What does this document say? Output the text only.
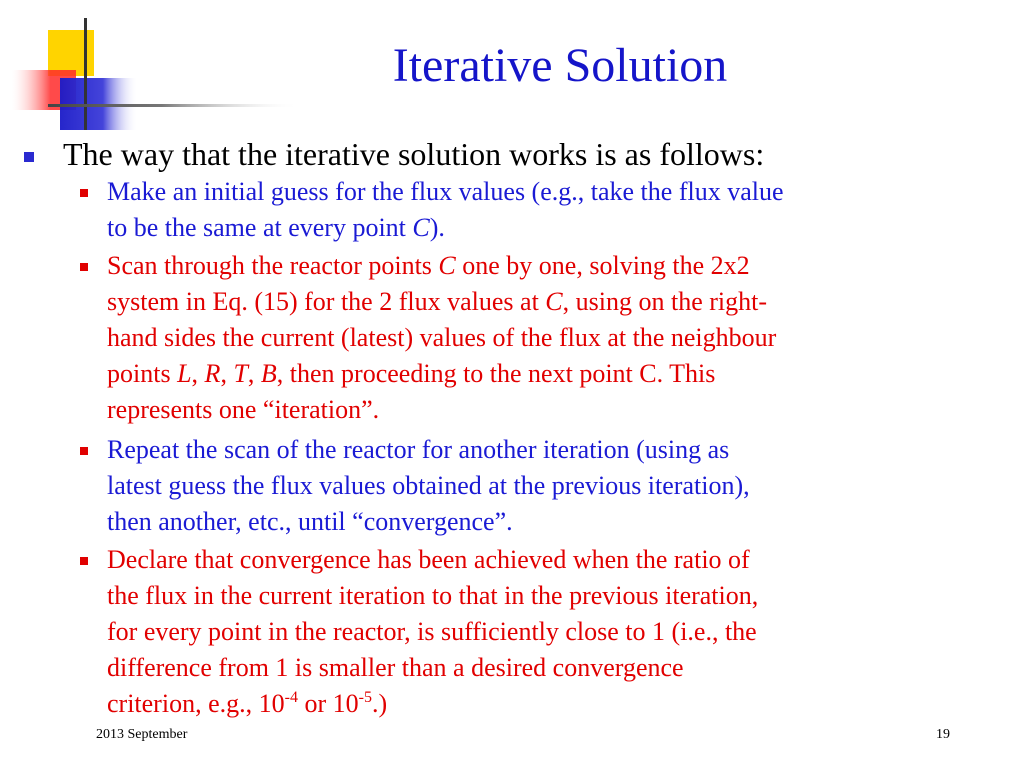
Iterative Solution
The way that the iterative solution works is as follows:
Make an initial guess for the flux values (e.g., take the flux value
to be the same at every point C).
Scan through the reactor points C one by one, solving the 2x2
system in Eq. (15) for the 2 flux values at C, using on the right-
hand sides the current (latest) values of the flux at the neighbour
points L, R, T, B, then proceeding to the next point C. This
represents one “iteration”.
Repeat the scan of the reactor for another iteration (using as
latest guess the flux values obtained at the previous iteration),
then another, etc., until “convergence”.
Declare that convergence has been achieved when the ratio of
the flux in the current iteration to that in the previous iteration,
for every point in the reactor, is sufficiently close to 1 (i.e., the
difference from 1 is smaller than a desired convergence
criterion, e.g., $10^{-4}$ or $10^{-5}$.)
2013 September	19
